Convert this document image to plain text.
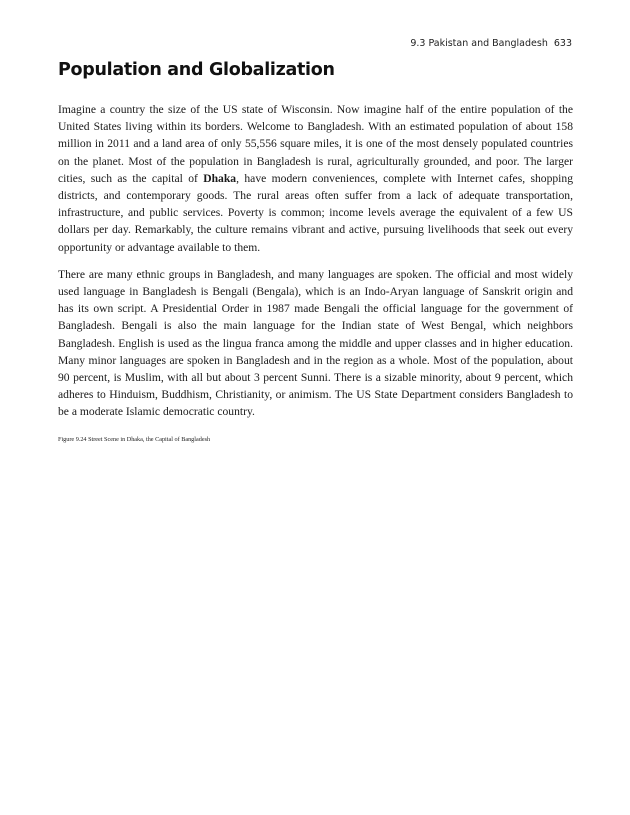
9.3 Pakistan and Bangladesh 633
Population and Globalization

Imagine a country the size of the US state of Wisconsin. Now imagine half of the entire population of the United States living within its borders. Welcome to Bangladesh. With an estimated population of about 158 million in 2011 and a land area of only 55,556 square miles, it is one of the most densely populated countries on the planet. Most of the population in Bangladesh is rural, agriculturally grounded, and poor. The larger cities, such as the capital of Dhaka, have modern conveniences, complete with Internet cafes, shopping districts, and contemporary goods. The rural areas often suffer from a lack of adequate transportation, infrastructure, and public services. Poverty is common; income levels average the equivalent of a few US dollars per day. Remarkably, the culture remains vibrant and active, pursuing livelihoods that seek out every opportunity or advantage available to them.

There are many ethnic groups in Bangladesh, and many languages are spoken. The official and most widely used language in Bangladesh is Bengali (Bengala), which is an Indo-Aryan language of Sanskrit origin and has its own script. A Presidential Order in 1987 made Bengali the official language for the government of Bangladesh. Bengali is also the main language for the Indian state of West Bengal, which neighbors Bangladesh. English is used as the lingua franca among the middle and upper classes and in higher education. Many minor languages are spoken in Bangladesh and in the region as a whole. Most of the population, about 90 percent, is Muslim, with all but about 3 percent Sunni. There is a sizable minority, about 9 percent, which adheres to Hinduism, Buddhism, Christianity, or animism. The US State Department considers Bangladesh to be a moderate Islamic democratic country.

Figure 9.24 Street Scene in Dhaka, the Capital of Bangladesh
